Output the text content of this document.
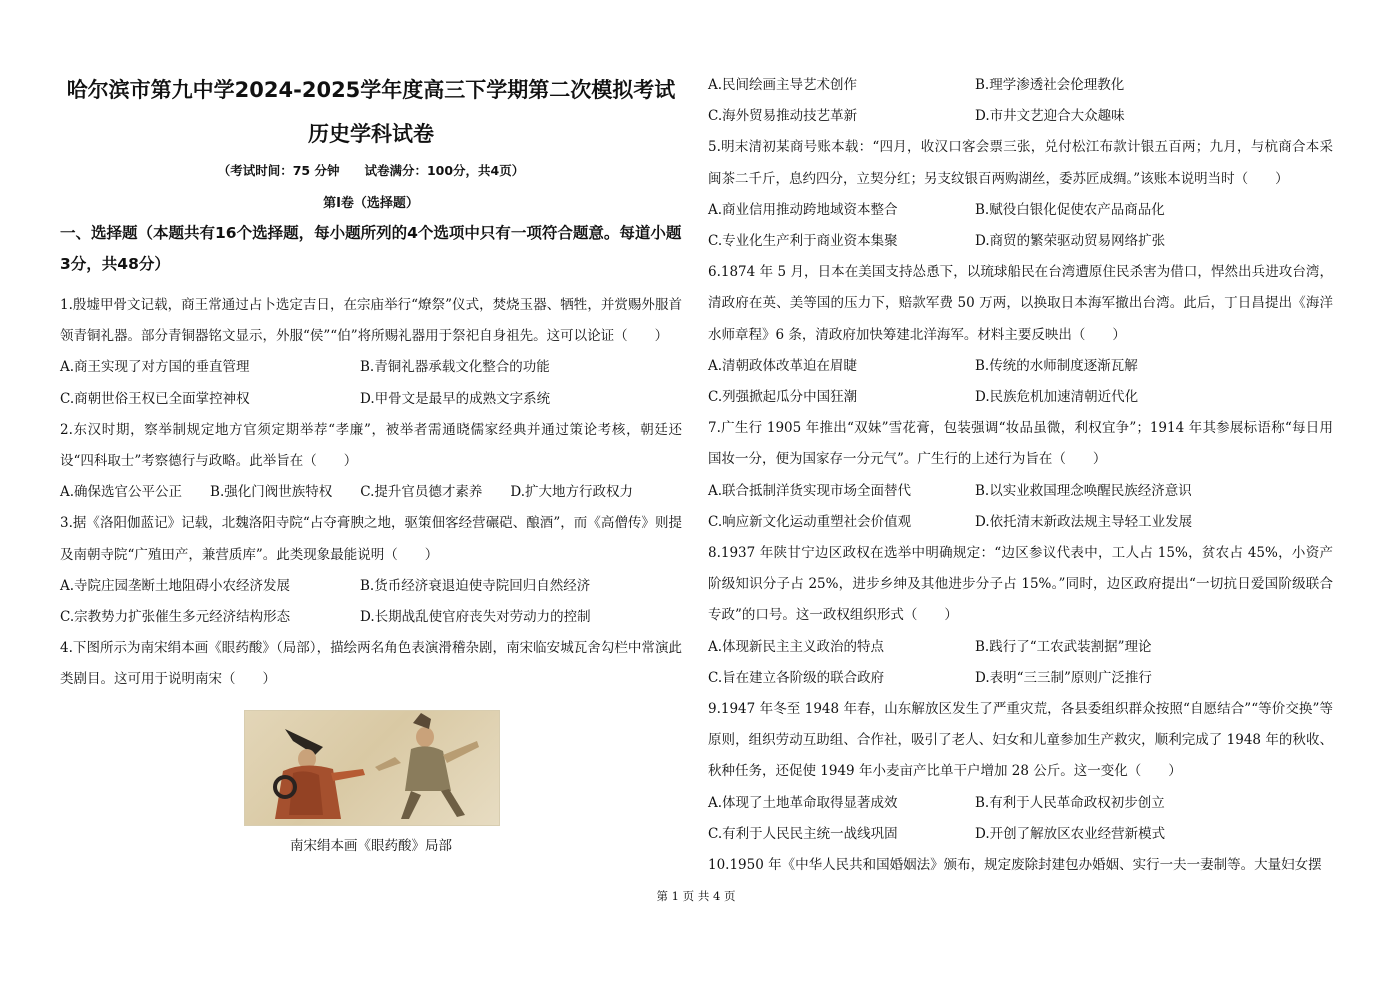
哈尔滨市第九中学2024-2025学年度高三下学期第二次模拟考试
历史学科试卷
（考试时间：75 分钟　　试卷满分：100分，共4页）
第Ⅰ卷（选择题）
一、选择题（本题共有16个选择题，每小题所列的4个选项中只有一项符合题意。每道小题3分，共48分）
1.殷墟甲骨文记载，商王常通过占卜选定吉日，在宗庙举行“燎祭”仪式，焚烧玉器、牺牲，并赏赐外服首领青铜礼器。部分青铜器铭文显示，外服“侯”“伯”将所赐礼器用于祭祀自身祖先。这可以论证（　　）
A.商王实现了对方国的垂直管理	B.青铜礼器承载文化整合的功能
C.商朝世俗王权已全面掌控神权	D.甲骨文是最早的成熟文字系统
2.东汉时期，察举制规定地方官须定期举荐“孝廉”，被举者需通晓儒家经典并通过策论考核，朝廷还设“四科取士”考察德行与政略。此举旨在（　　）
A.确保选官公平公正 B.强化门阀世族特权 C.提升官员德才素养 D.扩大地方行政权力
3.据《洛阳伽蓝记》记载，北魏洛阳寺院“占夺膏腴之地，驱策佃客经营碾硙、酿酒”，而《高僧传》则提及南朝寺院“广殖田产，兼营质库”。此类现象最能说明（　　）
A.寺院庄园垄断土地阻碍小农经济发展	B.货币经济衰退迫使寺院回归自然经济
C.宗教势力扩张催生多元经济结构形态	D.长期战乱使官府丧失对劳动力的控制
4.下图所示为南宋绢本画《眼药酸》（局部），描绘两名角色表演滑稽杂剧，南宋临安城瓦舍勾栏中常演此类剧目。这可用于说明南宋（　　）
南宋绢本画《眼药酸》局部
A.民间绘画主导艺术创作	B.理学渗透社会伦理教化
C.海外贸易推动技艺革新	D.市井文艺迎合大众趣味
5.明末清初某商号账本载：“四月，收汉口客会票三张，兑付松江布款计银五百两；九月，与杭商合本采闽茶二千斤，息约四分，立契分红；另支纹银百两购湖丝，委苏匠成绸。”该账本说明当时（　　）
A.商业信用推动跨地域资本整合	B.赋役白银化促使农产品商品化
C.专业化生产利于商业资本集聚	D.商贸的繁荣驱动贸易网络扩张
6.1874 年 5 月，日本在美国支持怂恿下，以琉球船民在台湾遭原住民杀害为借口，悍然出兵进攻台湾，清政府在英、美等国的压力下，赔款军费 50 万两，以换取日本海军撤出台湾。此后，丁日昌提出《海洋水师章程》6 条，清政府加快筹建北洋海军。材料主要反映出（　　）
A.清朝政体改革迫在眉睫	B.传统的水师制度逐渐瓦解
C.列强掀起瓜分中国狂潮	D.民族危机加速清朝近代化
7.广生行 1905 年推出“双妹”雪花膏，包装强调“妆品虽微，利权宜争”；1914 年其参展标语称“每日用国妆一分，便为国家存一分元气”。广生行的上述行为旨在（　　）
A.联合抵制洋货实现市场全面替代	B.以实业救国理念唤醒民族经济意识
C.响应新文化运动重塑社会价值观	D.依托清末新政法规主导轻工业发展
8.1937 年陕甘宁边区政权在选举中明确规定：“边区参议代表中，工人占 15%，贫农占 45%，小资产阶级知识分子占 25%，进步乡绅及其他进步分子占 15%。”同时，边区政府提出“一切抗日爱国阶级联合专政”的口号。这一政权组织形式（　　）
A.体现新民主主义政治的特点	B.践行了“工农武装割据”理论
C.旨在建立各阶级的联合政府	D.表明“三三制”原则广泛推行
9.1947 年冬至 1948 年春，山东解放区发生了严重灾荒，各县委组织群众按照“自愿结合”“等价交换”等原则，组织劳动互助组、合作社，吸引了老人、妇女和儿童参加生产救灾，顺利完成了 1948 年的秋收、秋种任务，还促使 1949 年小麦亩产比单干户增加 28 公斤。这一变化（　　）
A.体现了土地革命取得显著成效	B.有利于人民革命政权初步创立
C.有利于人民民主统一战线巩固	D.开创了解放区农业经营新模式
10.1950 年《中华人民共和国婚姻法》颁布，规定废除封建包办婚姻、实行一夫一妻制等。大量妇女摆
第 1 页 共 4 页
